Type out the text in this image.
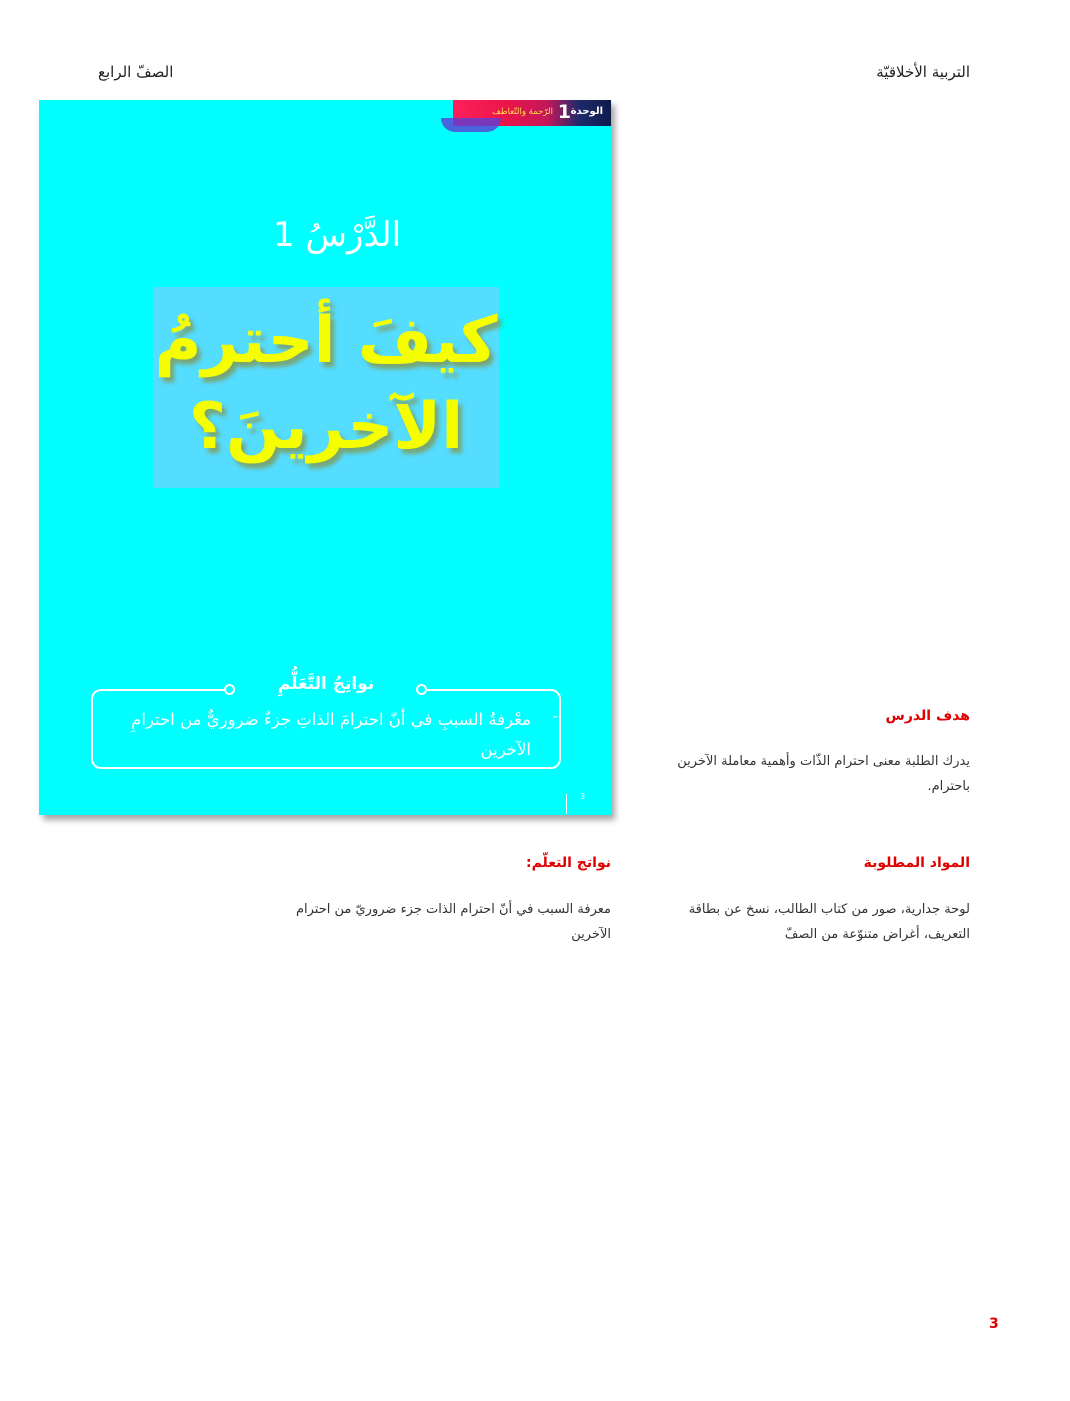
التربية الأخلاقيّة
الصفّ الرابع
الوحدة
1
الرّحمة والتّعاطف
الدَّرْسُ 1
كيفَ أحترمُ
الآخرينَ؟
نواتِجُ التَّعَلُّمِ
-
معْرفةُ السببِ في أنّ احترامَ الذاتِ جزءٌ ضروريٌّ من احترامِ الآخرين
3
هدف الدرس
يدرك الطلبة معنى احترام الذّات وأهمية معاملة الآخرين باحترام.
المواد المطلوبة
لوحة جدارية، صور من كتاب الطالب، نسخ عن بطاقة التعريف، أغراض متنوّعة من الصفّ
نواتج التعلّم:
معرفة السبب في أنّ احترام الذات جزء ضروريّ من احترام الآخرين
3
